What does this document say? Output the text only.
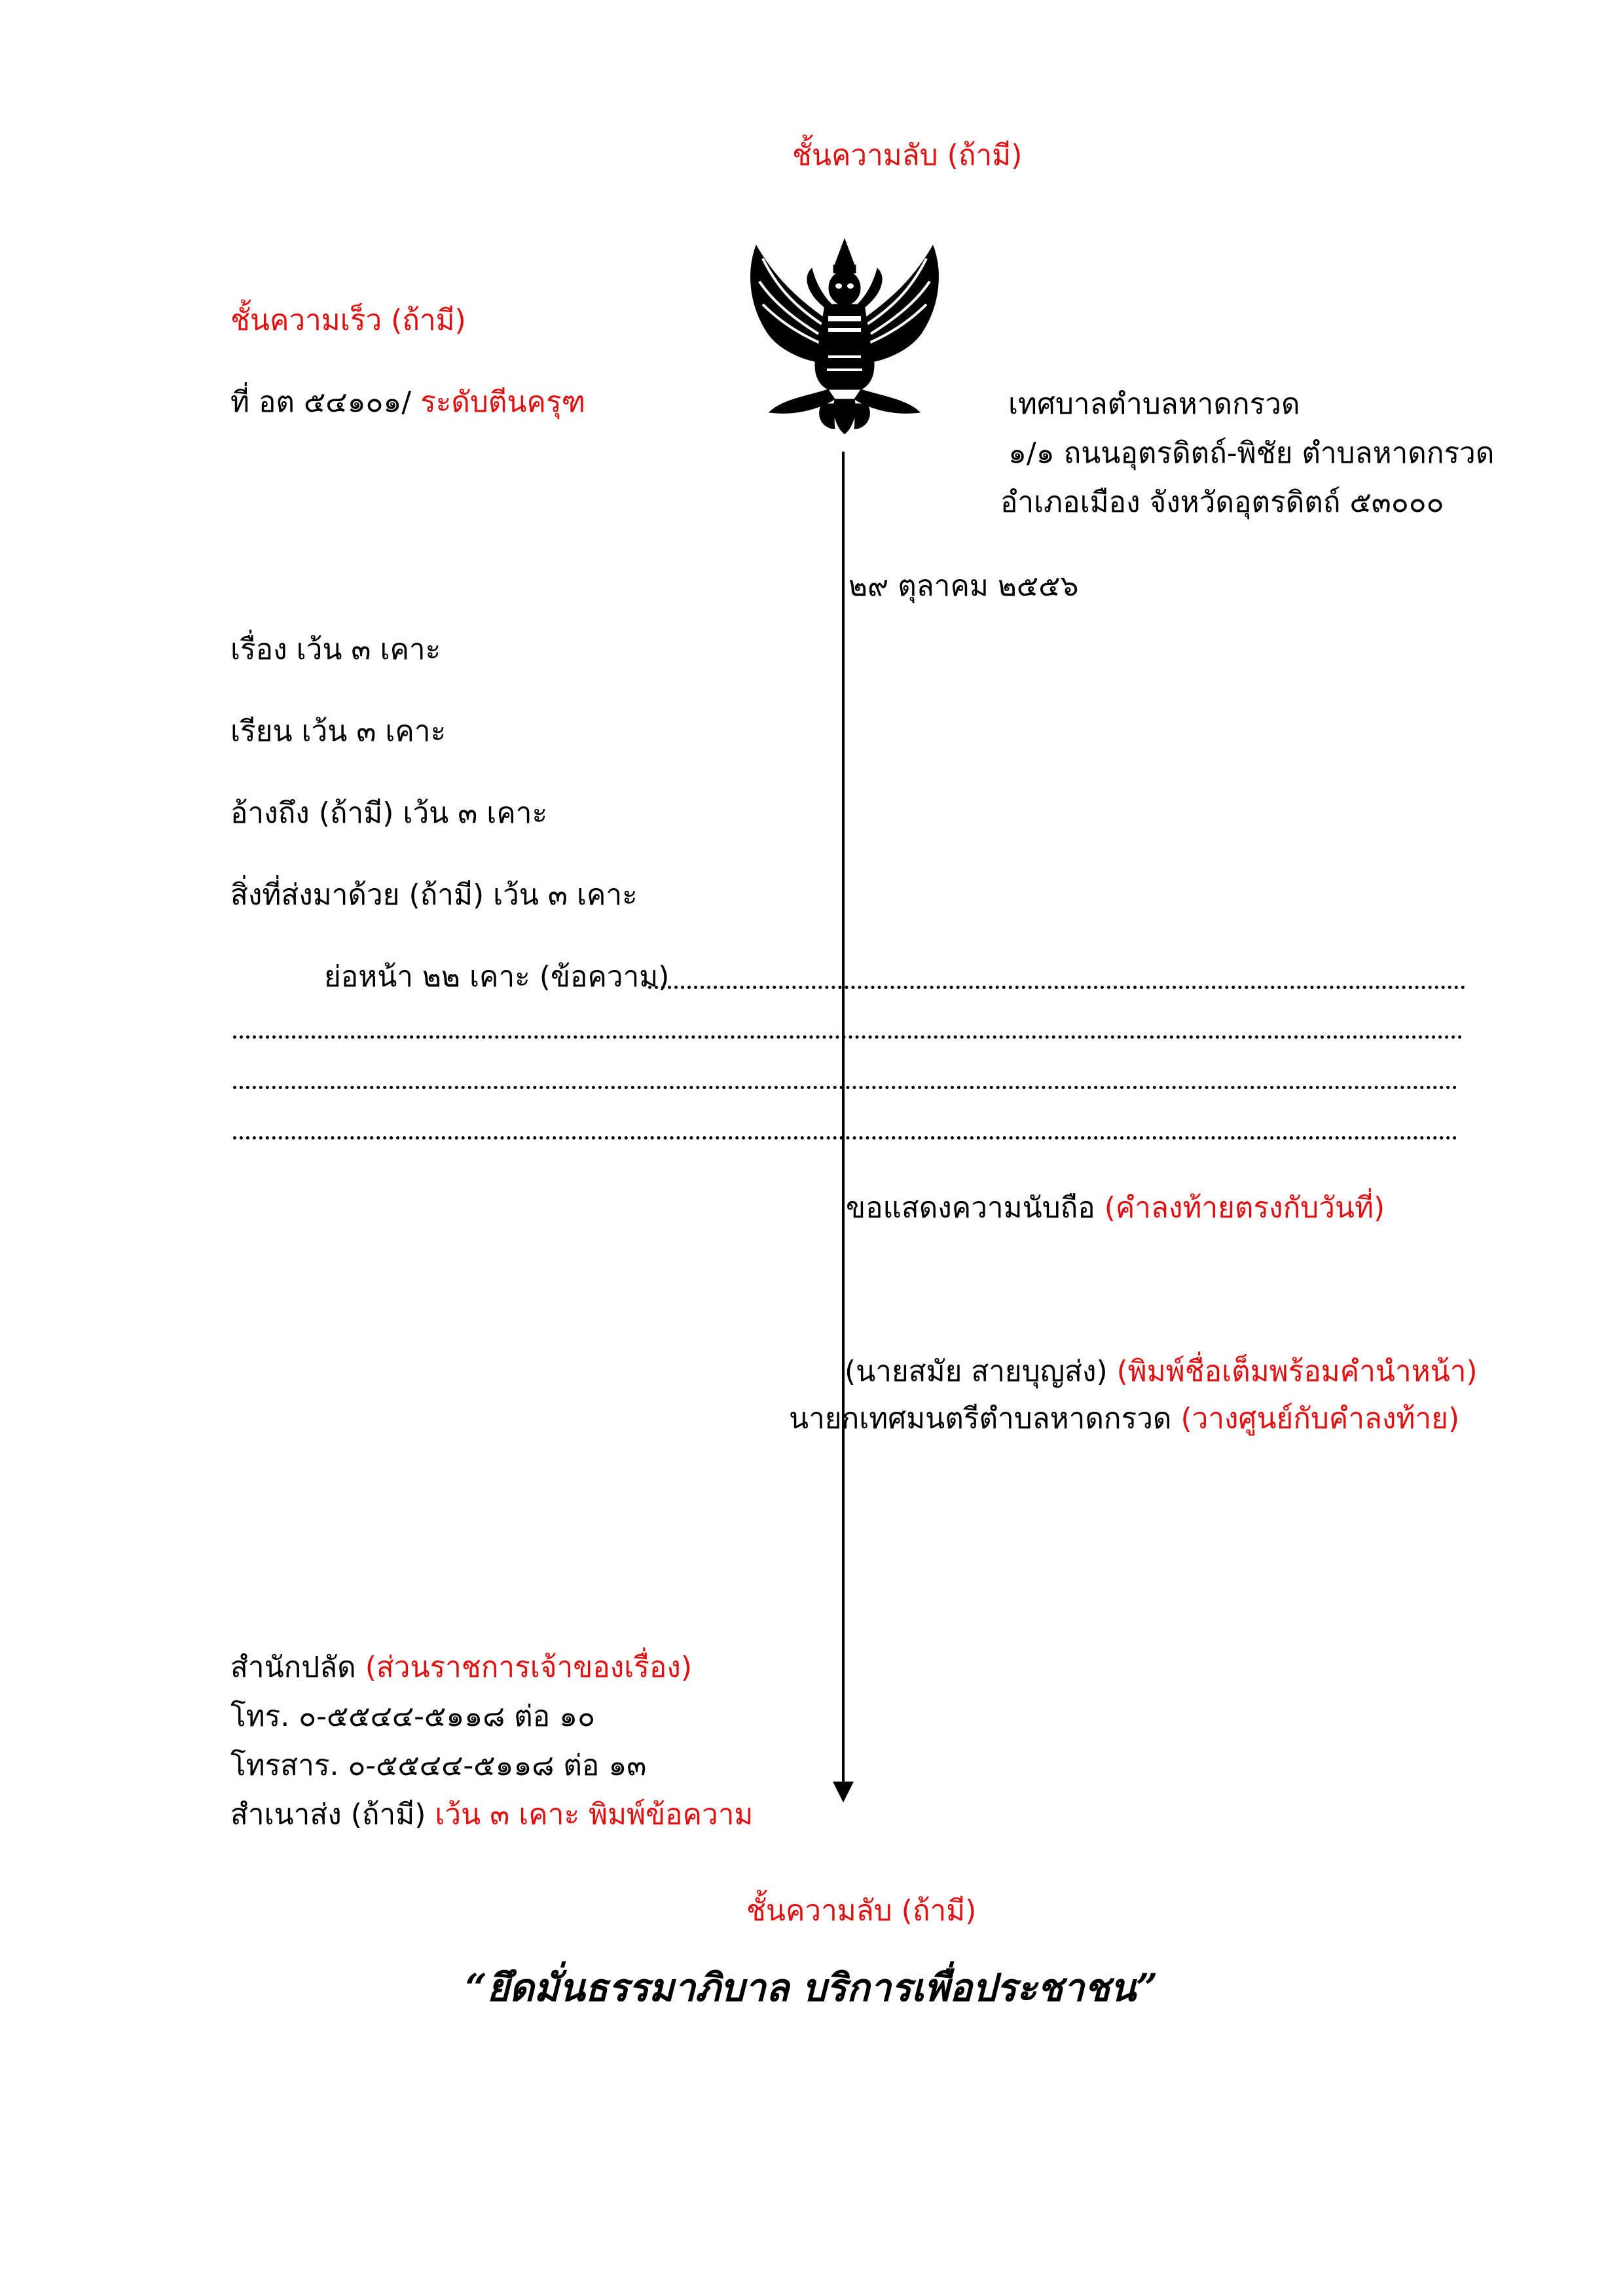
ชั้นความลับ (ถ้ามี)
ชั้นความเร็ว (ถ้ามี)
ที่ อต ๕๔๑๐๑/ ระดับตีนครุฑ	เทศบาลตำบลหาดกรวด
๑/๑ ถนนอุตรดิตถ์-พิชัย ตำบลหาดกรวด
อำเภอเมือง จังหวัดอุตรดิตถ์ ๕๓๐๐๐
๒๙ ตุลาคม ๒๕๕๖
เรื่อง เว้น ๓ เคาะ
เรียน เว้น ๓ เคาะ
อ้างถึง (ถ้ามี) เว้น ๓ เคาะ
สิ่งที่ส่งมาด้วย (ถ้ามี) เว้น ๓ เคาะ
ย่อหน้า ๒๒ เคาะ (ข้อความ)
ขอแสดงความนับถือ (คำลงท้ายตรงกับวันที่)
(นายสมัย สายบุญส่ง) (พิมพ์ชื่อเต็มพร้อมคำนำหน้า)
นายกเทศมนตรีตำบลหาดกรวด (วางศูนย์กับคำลงท้าย)
สำนักปลัด (ส่วนราชการเจ้าของเรื่อง)
โทร. ๐-๕๕๔๔-๕๑๑๘ ต่อ ๑๐
โทรสาร. ๐-๕๕๔๔-๕๑๑๘ ต่อ ๑๓
สำเนาส่ง (ถ้ามี) เว้น ๓ เคาะ พิมพ์ข้อความ
ชั้นความลับ (ถ้ามี)
“ยึดมั่นธรรมาภิบาล บริการเพื่อประชาชน”
